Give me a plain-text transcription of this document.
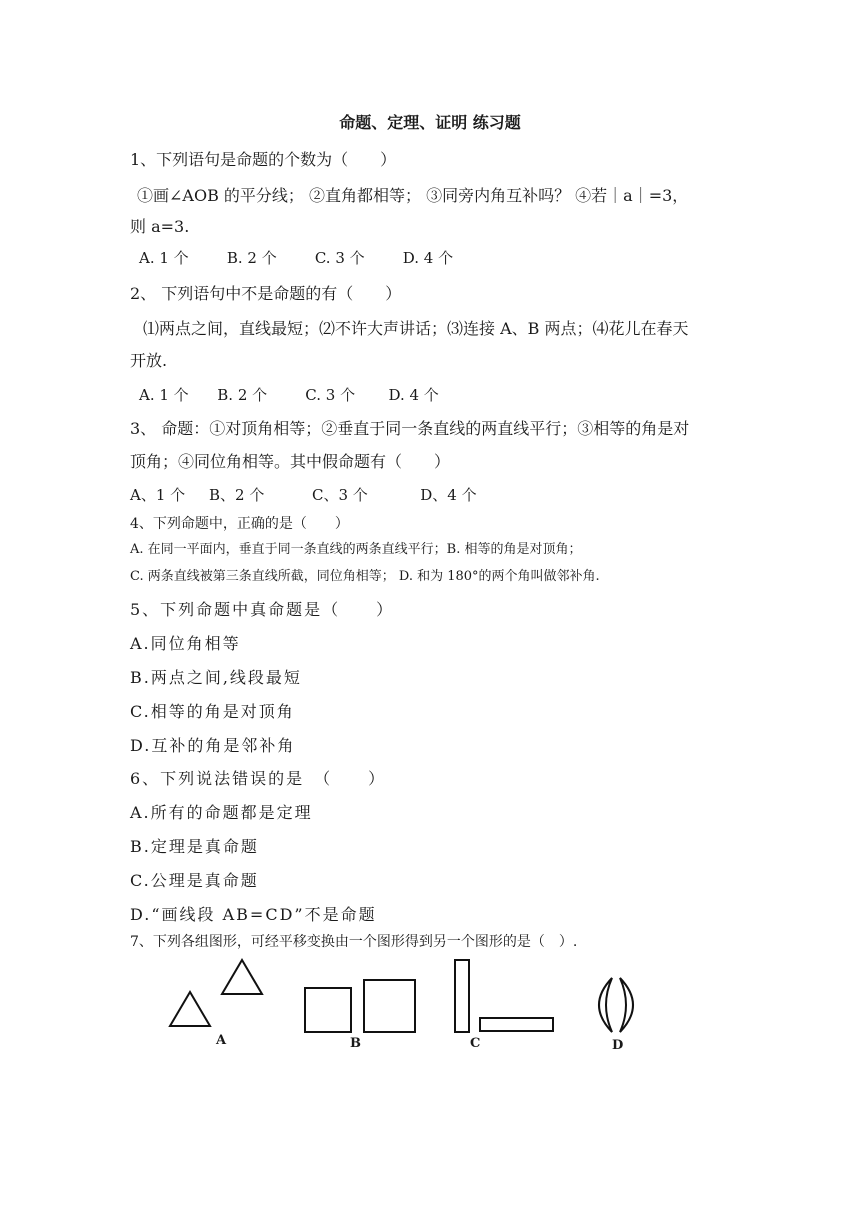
命题、定理、证明 练习题
1、下列语句是命题的个数为（　　）
①画∠AOB 的平分线； ②直角都相等； ③同旁内角互补吗？ ④若｜a｜=3，
则 a=3.
A. 1 个        B. 2 个        C. 3 个        D. 4 个
2、 下列语句中不是命题的有（　　）
⑴两点之间，直线最短；⑵不许大声讲话；⑶连接 A、B 两点；⑷花儿在春天
开放.
A. 1 个      B. 2 个        C. 3 个       D. 4 个
3、 命题：①对顶角相等；②垂直于同一条直线的两直线平行；③相等的角是对
顶角；④同位角相等。其中假命题有（　　）
A、1 个     B、2 个          C、3 个           D、4 个
4、下列命题中，正确的是（　　）
A. 在同一平面内，垂直于同一条直线的两条直线平行；B. 相等的角是对顶角；
C. 两条直线被第三条直线所截，同位角相等； D. 和为 180°的两个角叫做邻补角.
5、下列命题中真命题是（　　）
A.同位角相等
B.两点之间,线段最短
C.相等的角是对顶角
D.互补的角是邻补角
6、下列说法错误的是　（　　）
A.所有的命题都是定理
B.定理是真命题
C.公理是真命题
D.“画线段 AB=CD”不是命题
7、下列各组图形，可经平移变换由一个图形得到另一个图形的是（　）.
A	B	C	D
